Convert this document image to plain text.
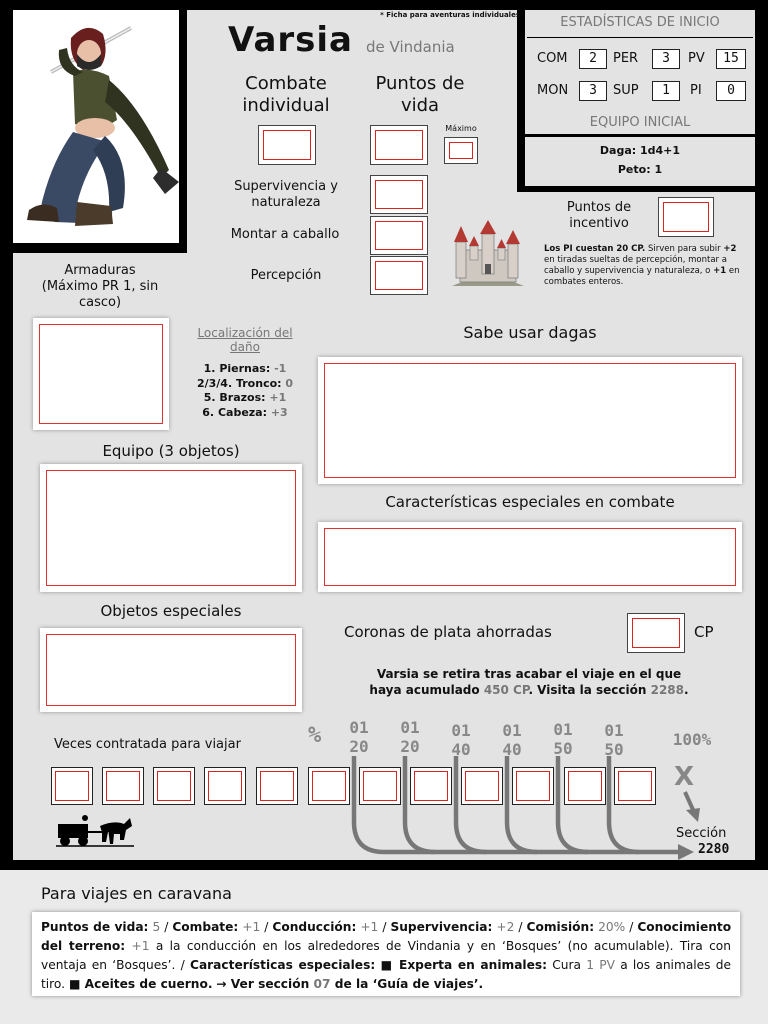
* Ficha para aventuras individuales
Varsia de Vindania
Combate individual
Puntos de vida
Máximo
Supervivencia y naturaleza
Montar a caballo
Percepción
ESTADÍSTICAS DE INICIO
COM	2	PER	3	PV	15
MON	3	SUP	1	PI	0
EQUIPO INICIAL
Daga: 1d4+1
Peto: 1
Puntos de incentivo
Los PI cuestan 20 CP. Sirven para subir +2 en tiradas sueltas de percepción, montar a caballo y supervivencia y naturaleza, o +1 en combates enteros.
Armaduras (Máximo PR 1, sin casco)
Localización del daño
1. Piernas: -1
2/3/4. Tronco: 0
5. Brazos: +1
6. Cabeza: +3
Sabe usar dagas
Equipo (3 objetos)
Características especiales en combate
Objetos especiales
Coronas de plata ahorradas	CP
Varsia se retira tras acabar el viaje en el que
haya acumulado 450 CP. Visita la sección 2288.
Veces contratada para viajar	%	01
20
01
20
01
40
01
40
01
50
01
50
100%
X
Sección
2280
Para viajes en caravana
Puntos de vida: 5 / Combate: +1 / Conducción: +1 / Supervivencia: +2 / Comisión: 20% / Conocimiento del terreno: +1 a la conducción en los alrededores de Vindania y en ‘Bosques’ (no acumulable). Tira con ventaja en ‘Bosques’. / Características especiales: ■ Experta en animales: Cura 1 PV a los animales de tiro. ■ Aceites de cuerno. → Ver sección 07 de la ‘Guía de viajes’.
